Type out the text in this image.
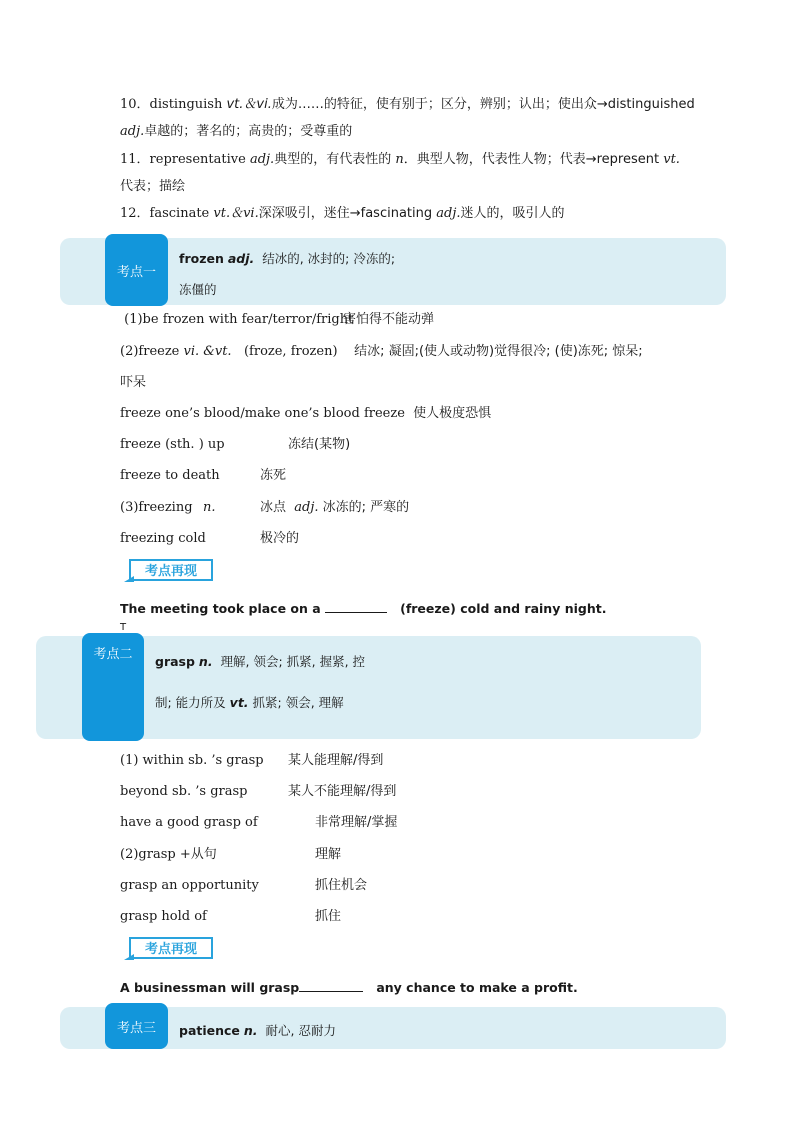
10．distinguish vt.＆vi.成为……的特征，使有别于；区分，辨别；认出；使出众→distinguished
adj.卓越的；著名的；高贵的；受尊重的
11．representative adj.典型的，有代表性的 n．典型人物，代表性人物；代表→represent vt.
代表；描绘
12．fascinate vt.＆vi.深深吸引，迷住→fascinating adj.迷人的，吸引人的
考点一
frozen adj. 结冰的, 冰封的; 冷冻的;
冻僵的
(1)be frozen with fear/terror/fright
害怕得不能动弹
(2)freeze vi. &vt. (froze, frozen) 结冰; 凝固;(使人或动物)觉得很冷; (使)冻死; 惊呆;
吓呆
freeze one’s blood/make one’s blood freeze 使人极度恐惧
freeze (sth. ) up	冻结(某物)
freeze to death	冻死
(3)freezing n.	冰点  adj. 冰冻的; 严寒的
freezing cold	极冷的
考点再现
The meeting took place on a	(freeze) cold and rainy night.
T
考点二	grasp n. 理解, 领会; 抓紧, 握紧, 控
制; 能力所及 vt. 抓紧; 领会, 理解
(1) within sb. ’s grasp 某人能理解/得到
beyond sb. ’s grasp	某人不能理解/得到
have a good grasp of	非常理解/掌握
(2)grasp +从句	理解
grasp an opportunity	抓住机会
grasp hold of	抓住
考点再现
A businessman will grasp	any chance to make a profit.
考点三	patience n. 耐心, 忍耐力
